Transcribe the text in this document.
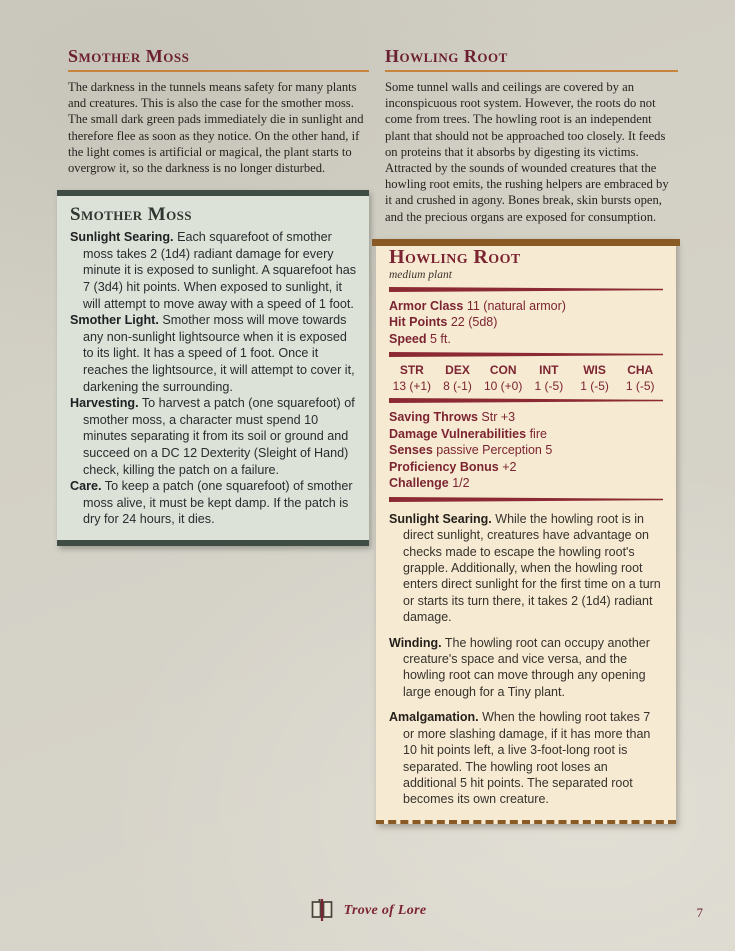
Smother Moss

The darkness in the tunnels means safety for many plants and creatures. This is also the case for the smother moss. The small dark green pads immediately die in sunlight and therefore flee as soon as they notice. On the other hand, if the light comes is artificial or magical, the plant starts to overgrow it, so the darkness is no longer disturbed.

Smother Moss

Sunlight Searing. Each squarefoot of smother moss takes 2 (1d4) radiant damage for every minute it is exposed to sunlight. A squarefoot has 7 (3d4) hit points. When exposed to sunlight, it will attempt to move away with a speed of 1 foot.

Smother Light. Smother moss will move towards any non-sunlight lightsource when it is exposed to its light. It has a speed of 1 foot. Once it reaches the lightsource, it will attempt to cover it, darkening the surrounding.

Harvesting. To harvest a patch (one squarefoot) of smother moss, a character must spend 10 minutes separating it from its soil or ground and succeed on a DC 12 Dexterity (Sleight of Hand) check, killing the patch on a failure.

Care. To keep a patch (one squarefoot) of smother moss alive, it must be kept damp. If the patch is dry for 24 hours, it dies.

Howling Root

Some tunnel walls and ceilings are covered by an inconspicuous root system. However, the roots do not come from trees. The howling root is an independent plant that should not be approached too closely. It feeds on proteins that it absorbs by digesting its victims. Attracted by the sounds of wounded creatures that the howling root emits, the rushing helpers are embraced by it and crushed in agony. Bones break, skin bursts open, and the precious organs are exposed for consumption.

Howling Root
medium plant
Armor Class 11 (natural armor)
Hit Points 22 (5d8)
Speed 5 ft.
STR
13 (+1)
DEX
8 (-1)
CON
10 (+0)
INT
1 (-5)
WIS
1 (-5)
CHA
1 (-5)
Saving Throws Str +3
Damage Vulnerabilities fire
Senses passive Perception 5
Proficiency Bonus +2
Challenge 1/2

Sunlight Searing. While the howling root is in direct sunlight, creatures have advantage on checks made to escape the howling root's grapple. Additionally, when the howling root enters direct sunlight for the first time on a turn or starts its turn there, it takes 2 (1d4) radiant damage.

Winding. The howling root can occupy another creature's space and vice versa, and the howling root can move through any opening large enough for a Tiny plant.

Amalgamation. When the howling root takes 7 or more slashing damage, if it has more than 10 hit points left, a live 3-foot-long root is separated. The howling root loses an additional 5 hit points. The separated root becomes its own creature.

Trove of Lore	7
